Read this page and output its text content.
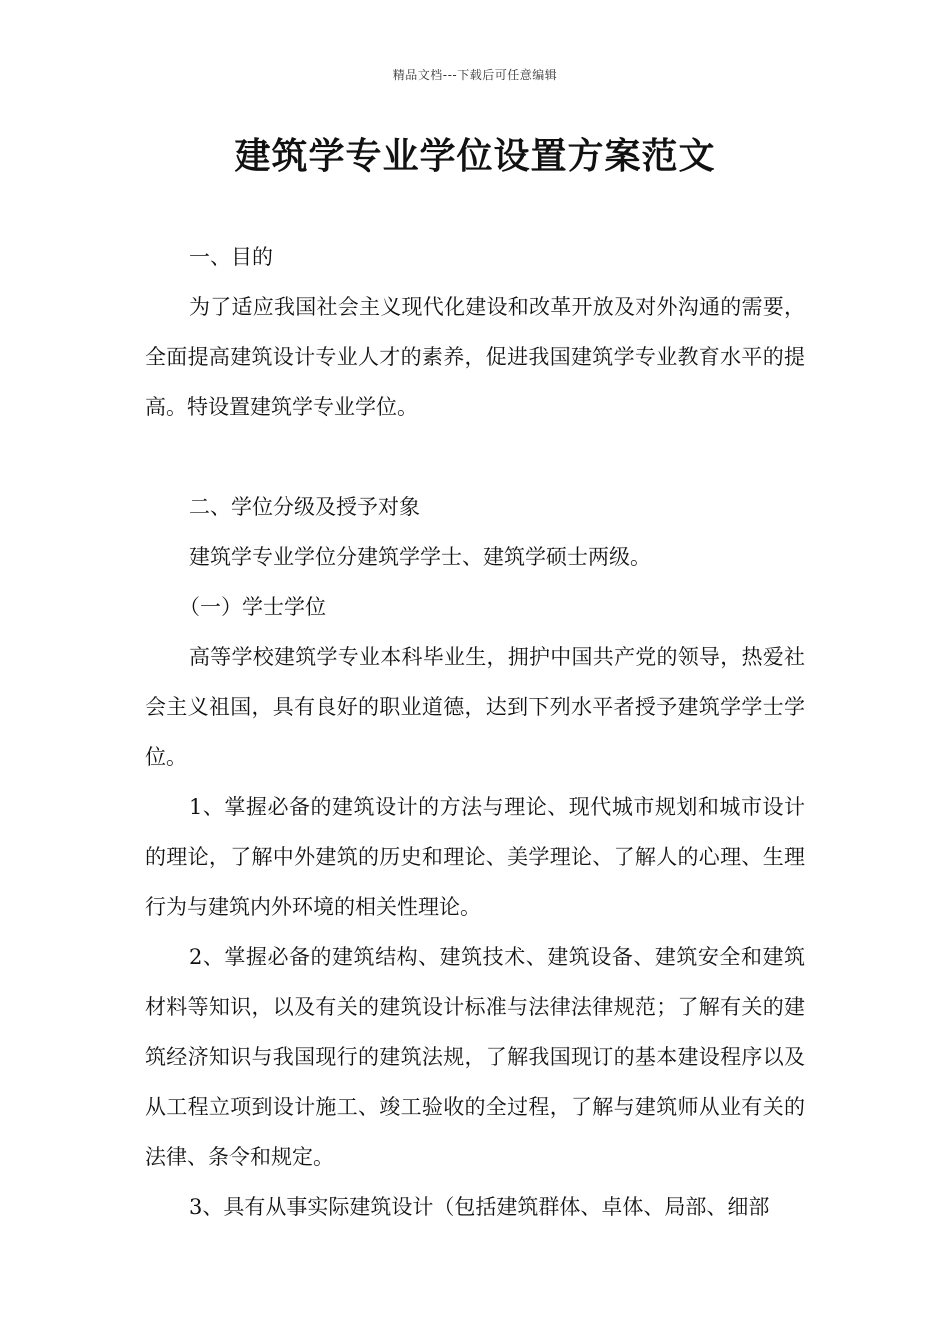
精品文档---下载后可任意编辑
建筑学专业学位设置方案范文

一、目的

为了适应我国社会主义现代化建设和改革开放及对外沟通的需要，全面提高建筑设计专业人才的素养，促进我国建筑学专业教育水平的提高。特设置建筑学专业学位。

二、学位分级及授予对象

建筑学专业学位分建筑学学士、建筑学硕士两级。

（一）学士学位

高等学校建筑学专业本科毕业生，拥护中国共产党的领导，热爱社会主义祖国，具有良好的职业道德，达到下列水平者授予建筑学学士学位。

1、掌握必备的建筑设计的方法与理论、现代城市规划和城市设计的理论，了解中外建筑的历史和理论、美学理论、了解人的心理、生理行为与建筑内外环境的相关性理论。

2、掌握必备的建筑结构、建筑技术、建筑设备、建筑安全和建筑材料等知识，以及有关的建筑设计标准与法律法律规范；了解有关的建筑经济知识与我国现行的建筑法规，了解我国现订的基本建设程序以及从工程立项到设计施工、竣工验收的全过程，了解与建筑师从业有关的法律、条令和规定。

3、具有从事实际建筑设计（包括建筑群体、卓体、局部、细部
